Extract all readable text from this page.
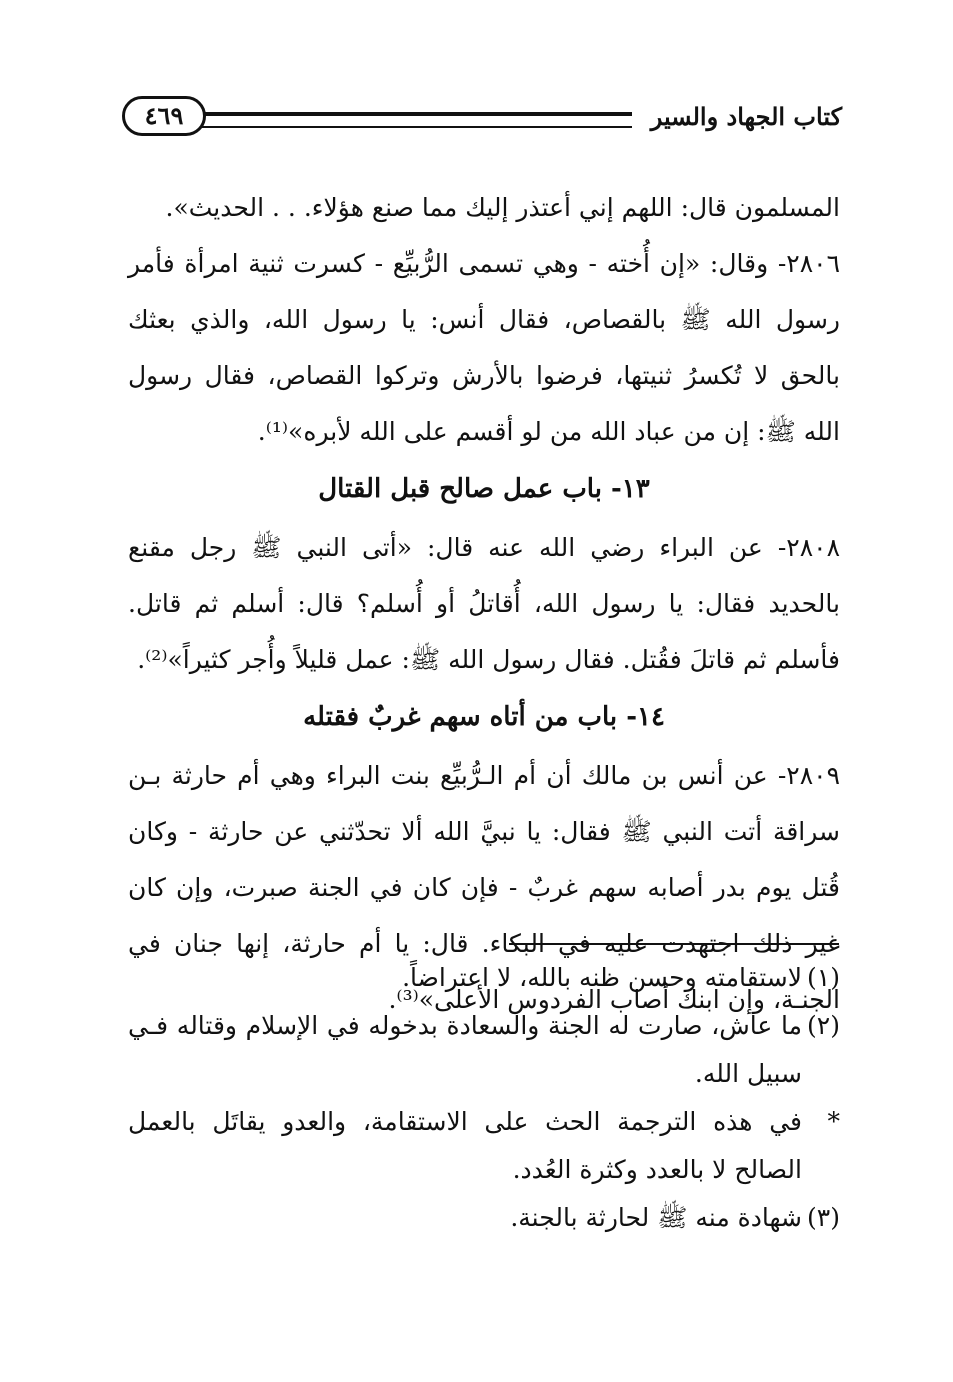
كتاب الجهاد والسير
٤٦٩

المسلمون قال: اللهم إني أعتذر إليك مما صنع هؤلاء. . . الحديث».

٢٨٠٦- وقال: «إن أُخته - وهي تسمى الرُّبيِّع - كسرت ثنية امرأة فأمر رسول الله ﷺ بالقصاص، فقال أنس: يا رسول الله، والذي بعثك بالحق لا تُكسرُ ثنيتها، فرضوا بالأرش وتركوا القصاص، فقال رسول الله ﷺ: إن من عباد الله من لو أقسم على الله لأبره»⁽¹⁾.

١٣- باب عمل صالح قبل القتال

٢٨٠٨- عن البراء رضي الله عنه قال: «أتى النبي ﷺ رجل مقنع بالحديد فقال: يا رسول الله، أُقاتلُ أو أُسلم؟ قال: أسلم ثم قاتل. فأسلم ثم قاتلَ فقُتل. فقال رسول الله ﷺ: عمل قليلاً وأُجر كثيراً»⁽²⁾.

١٤- باب من أتاه سهم غربٌ فقتله

٢٨٠٩- عن أنس بن مالك أن أم الـرُّبيِّع بنت البراء وهي أم حارثة بـن سراقة أتت النبي ﷺ فقال: يا نبيَّ الله ألا تحدّثني عن حارثة - وكان قُتل يوم بدر أصابه سهم غربٌ - فإن كان في الجنة صبرت، وإن كان غير ذلك اجتهدت عليه في البكاء. قال: يا أم حارثة، إنها جنان في الجنـة، وإن ابنك أصاب الفردوس الأعلى»⁽³⁾.

(١)لاستقامته وحسن ظنه بالله، لا اعتراضاً.

(٢)ما عاش، صارت له الجنة والسعادة بدخوله في الإسلام وقتاله فـي سبيل الله.

*في هذه الترجمة الحث على الاستقامة، والعدو يقاتَل بالعمل الصالح لا بالعدد وكثرة العُدد.

(٣)شهادة منه ﷺ لحارثة بالجنة.
